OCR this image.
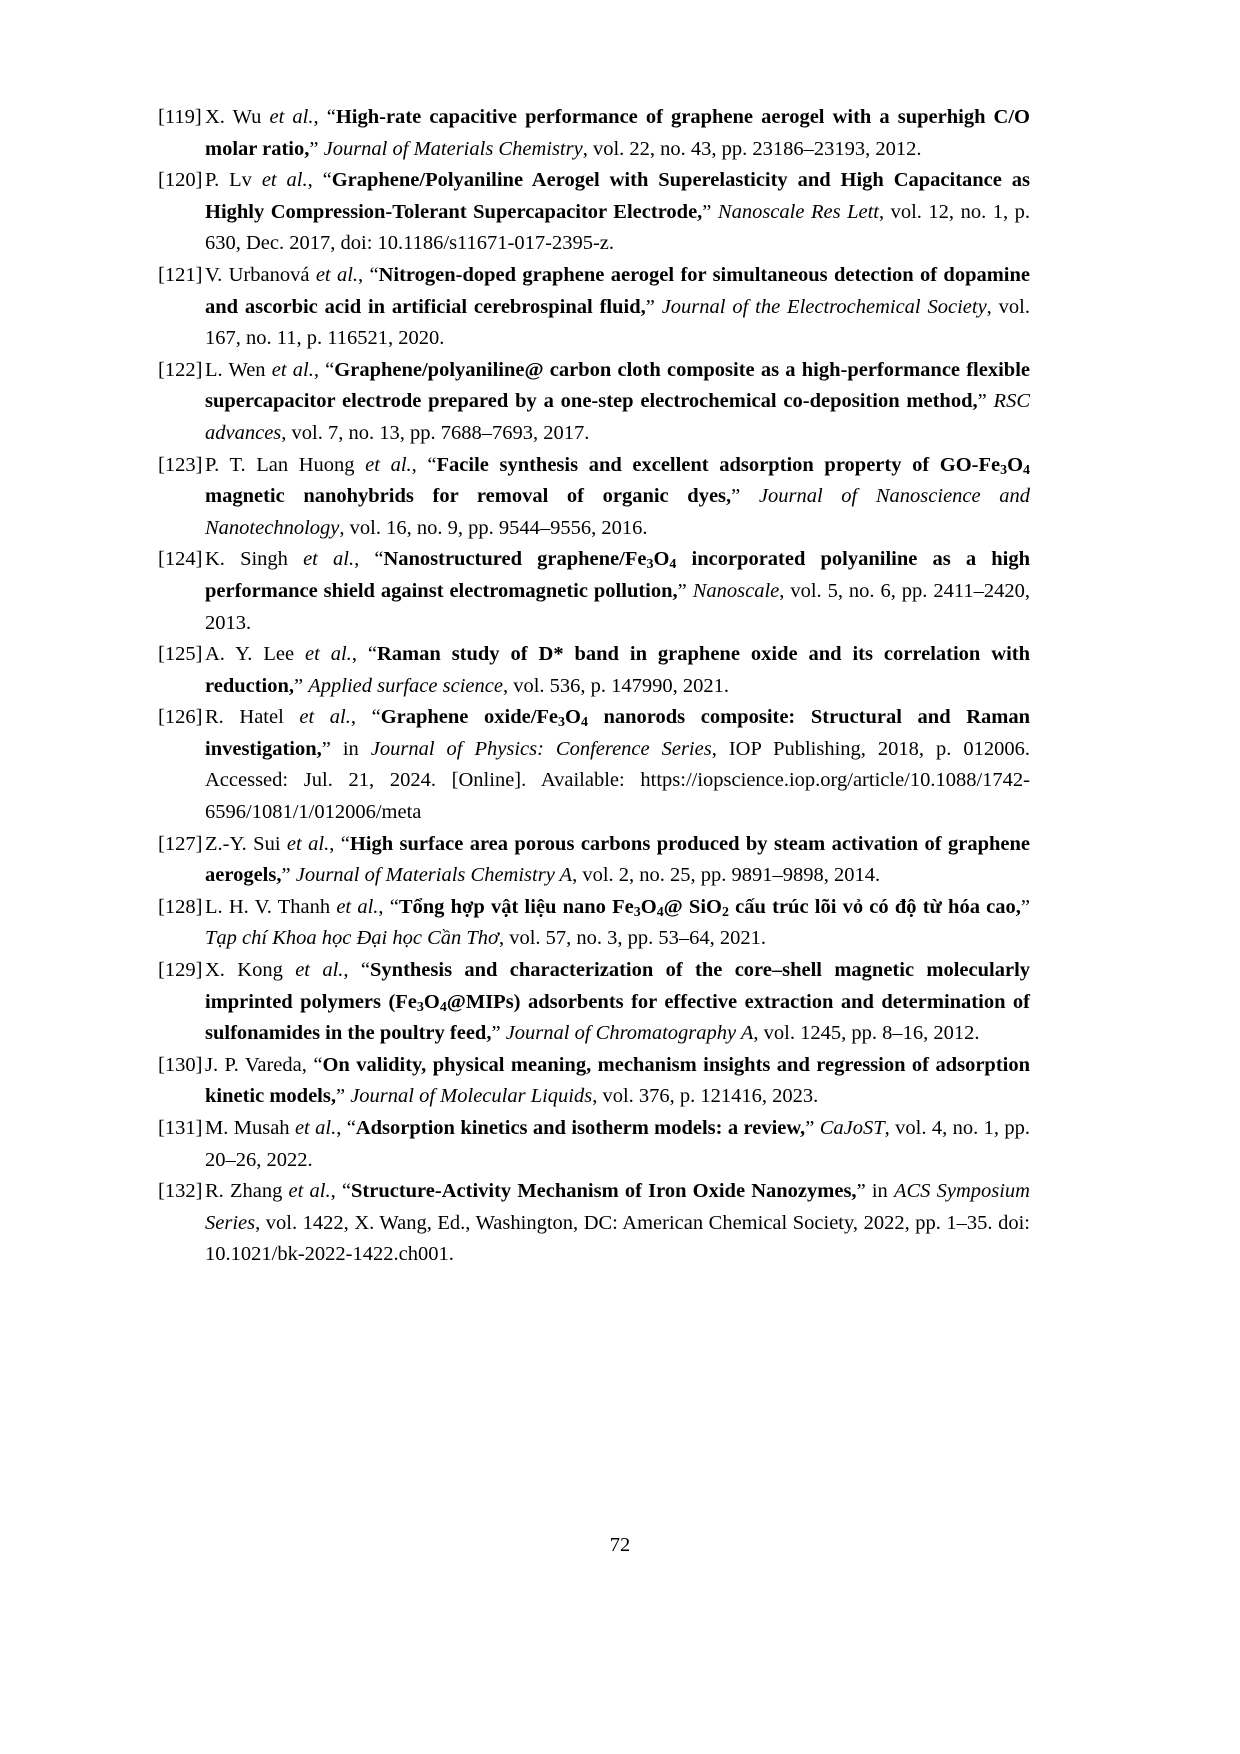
[119] X. Wu et al., “High-rate capacitive performance of graphene aerogel with a superhigh C/O molar ratio,” Journal of Materials Chemistry, vol. 22, no. 43, pp. 23186–23193, 2012.

[120] P. Lv et al., “Graphene/Polyaniline Aerogel with Superelasticity and High Capacitance as Highly Compression-Tolerant Supercapacitor Electrode,” Nanoscale Res Lett, vol. 12, no. 1, p. 630, Dec. 2017, doi: 10.1186/s11671-017-2395-z.

[121] V. Urbanová et al., “Nitrogen-doped graphene aerogel for simultaneous detection of dopamine and ascorbic acid in artificial cerebrospinal fluid,” Journal of the Electrochemical Society, vol. 167, no. 11, p. 116521, 2020.

[122] L. Wen et al., “Graphene/polyaniline@ carbon cloth composite as a high-performance flexible supercapacitor electrode prepared by a one-step electrochemical co-deposition method,” RSC advances, vol. 7, no. 13, pp. 7688–7693, 2017.

[123] P. T. Lan Huong et al., “Facile synthesis and excellent adsorption property of $GO-Fe_3O_4$ magnetic nanohybrids for removal of organic dyes,” Journal of Nanoscience and Nanotechnology, vol. 16, no. 9, pp. 9544–9556, 2016.

[124] K. Singh et al., “Nanostructured graphene/$Fe_3O_4$ incorporated polyaniline as a high performance shield against electromagnetic pollution,” Nanoscale, vol. 5, no. 6, pp. 2411–2420, 2013.

[125] A. Y. Lee et al., “Raman study of D* band in graphene oxide and its correlation with reduction,” Applied surface science, vol. 536, p. 147990, 2021.

[126] R. Hatel et al., “Graphene oxide/$Fe_3O_4$ nanorods composite: Structural and Raman investigation,” in Journal of Physics: Conference Series, IOP Publishing, 2018, p. 012006. Accessed: Jul. 21, 2024. [Online]. Available: https://iopscience.iop.org/article/10.1088/1742-6596/1081/1/012006/meta

[127] Z.-Y. Sui et al., “High surface area porous carbons produced by steam activation of graphene aerogels,” Journal of Materials Chemistry A, vol. 2, no. 25, pp. 9891–9898, 2014.

[128] L. H. V. Thanh et al., “Tổng hợp vật liệu nano $Fe_3O_4@$ SiO$_2$ cấu trúc lõi vỏ có độ từ hóa cao,” Tạp chí Khoa học Đại học Cần Thơ, vol. 57, no. 3, pp. 53–64, 2021.

[129] X. Kong et al., “Synthesis and characterization of the core–shell magnetic molecularly imprinted polymers $(Fe_3O_4@MIPs)$ adsorbents for effective extraction and determination of sulfonamides in the poultry feed,” Journal of Chromatography A, vol. 1245, pp. 8–16, 2012.

[130] J. P. Vareda, “On validity, physical meaning, mechanism insights and regression of adsorption kinetic models,” Journal of Molecular Liquids, vol. 376, p. 121416, 2023.

[131] M. Musah et al., “Adsorption kinetics and isotherm models: a review,” CaJoST, vol. 4, no. 1, pp. 20–26, 2022.

[132] R. Zhang et al., “Structure-Activity Mechanism of Iron Oxide Nanozymes,” in ACS Symposium Series, vol. 1422, X. Wang, Ed., Washington, DC: American Chemical Society, 2022, pp. 1–35. doi: 10.1021/bk-2022-1422.ch001.

72
